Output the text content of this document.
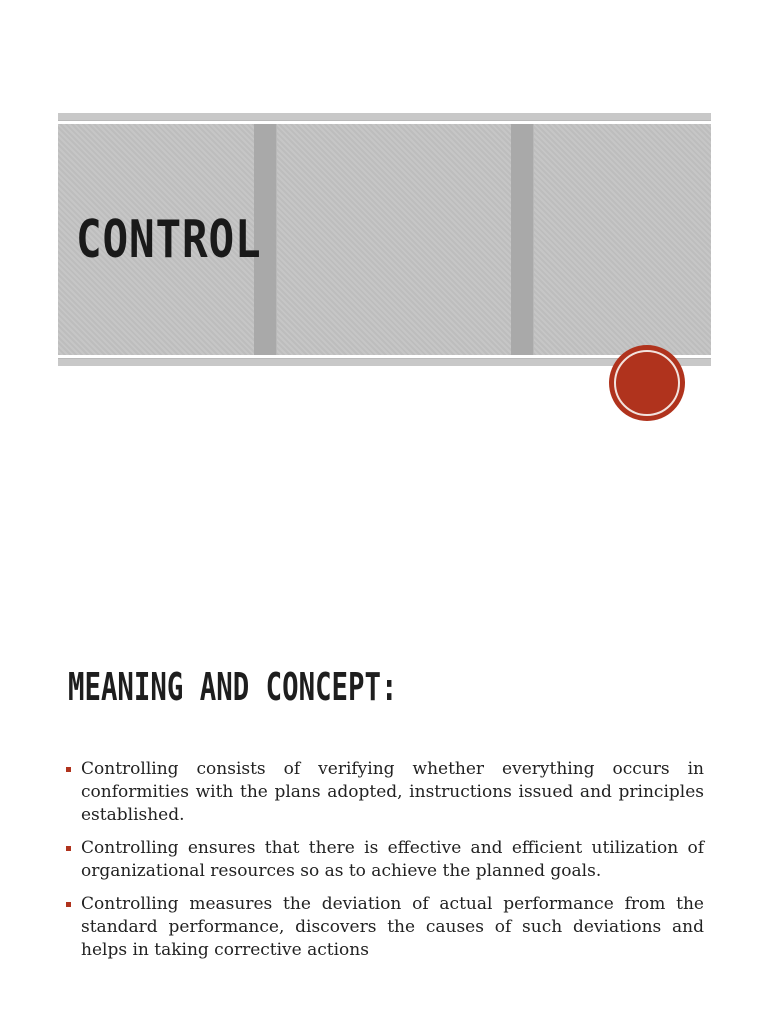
CONTROL
MEANING AND CONCEPT:
Controlling consists of verifying whether everything occurs in conformities with the plans adopted, instructions issued and principles established.
Controlling ensures that there is effective and efficient utilization of organizational resources so as to achieve the planned goals.
Controlling measures the deviation of actual performance from the standard performance, discovers the causes of such deviations and helps in taking corrective actions
